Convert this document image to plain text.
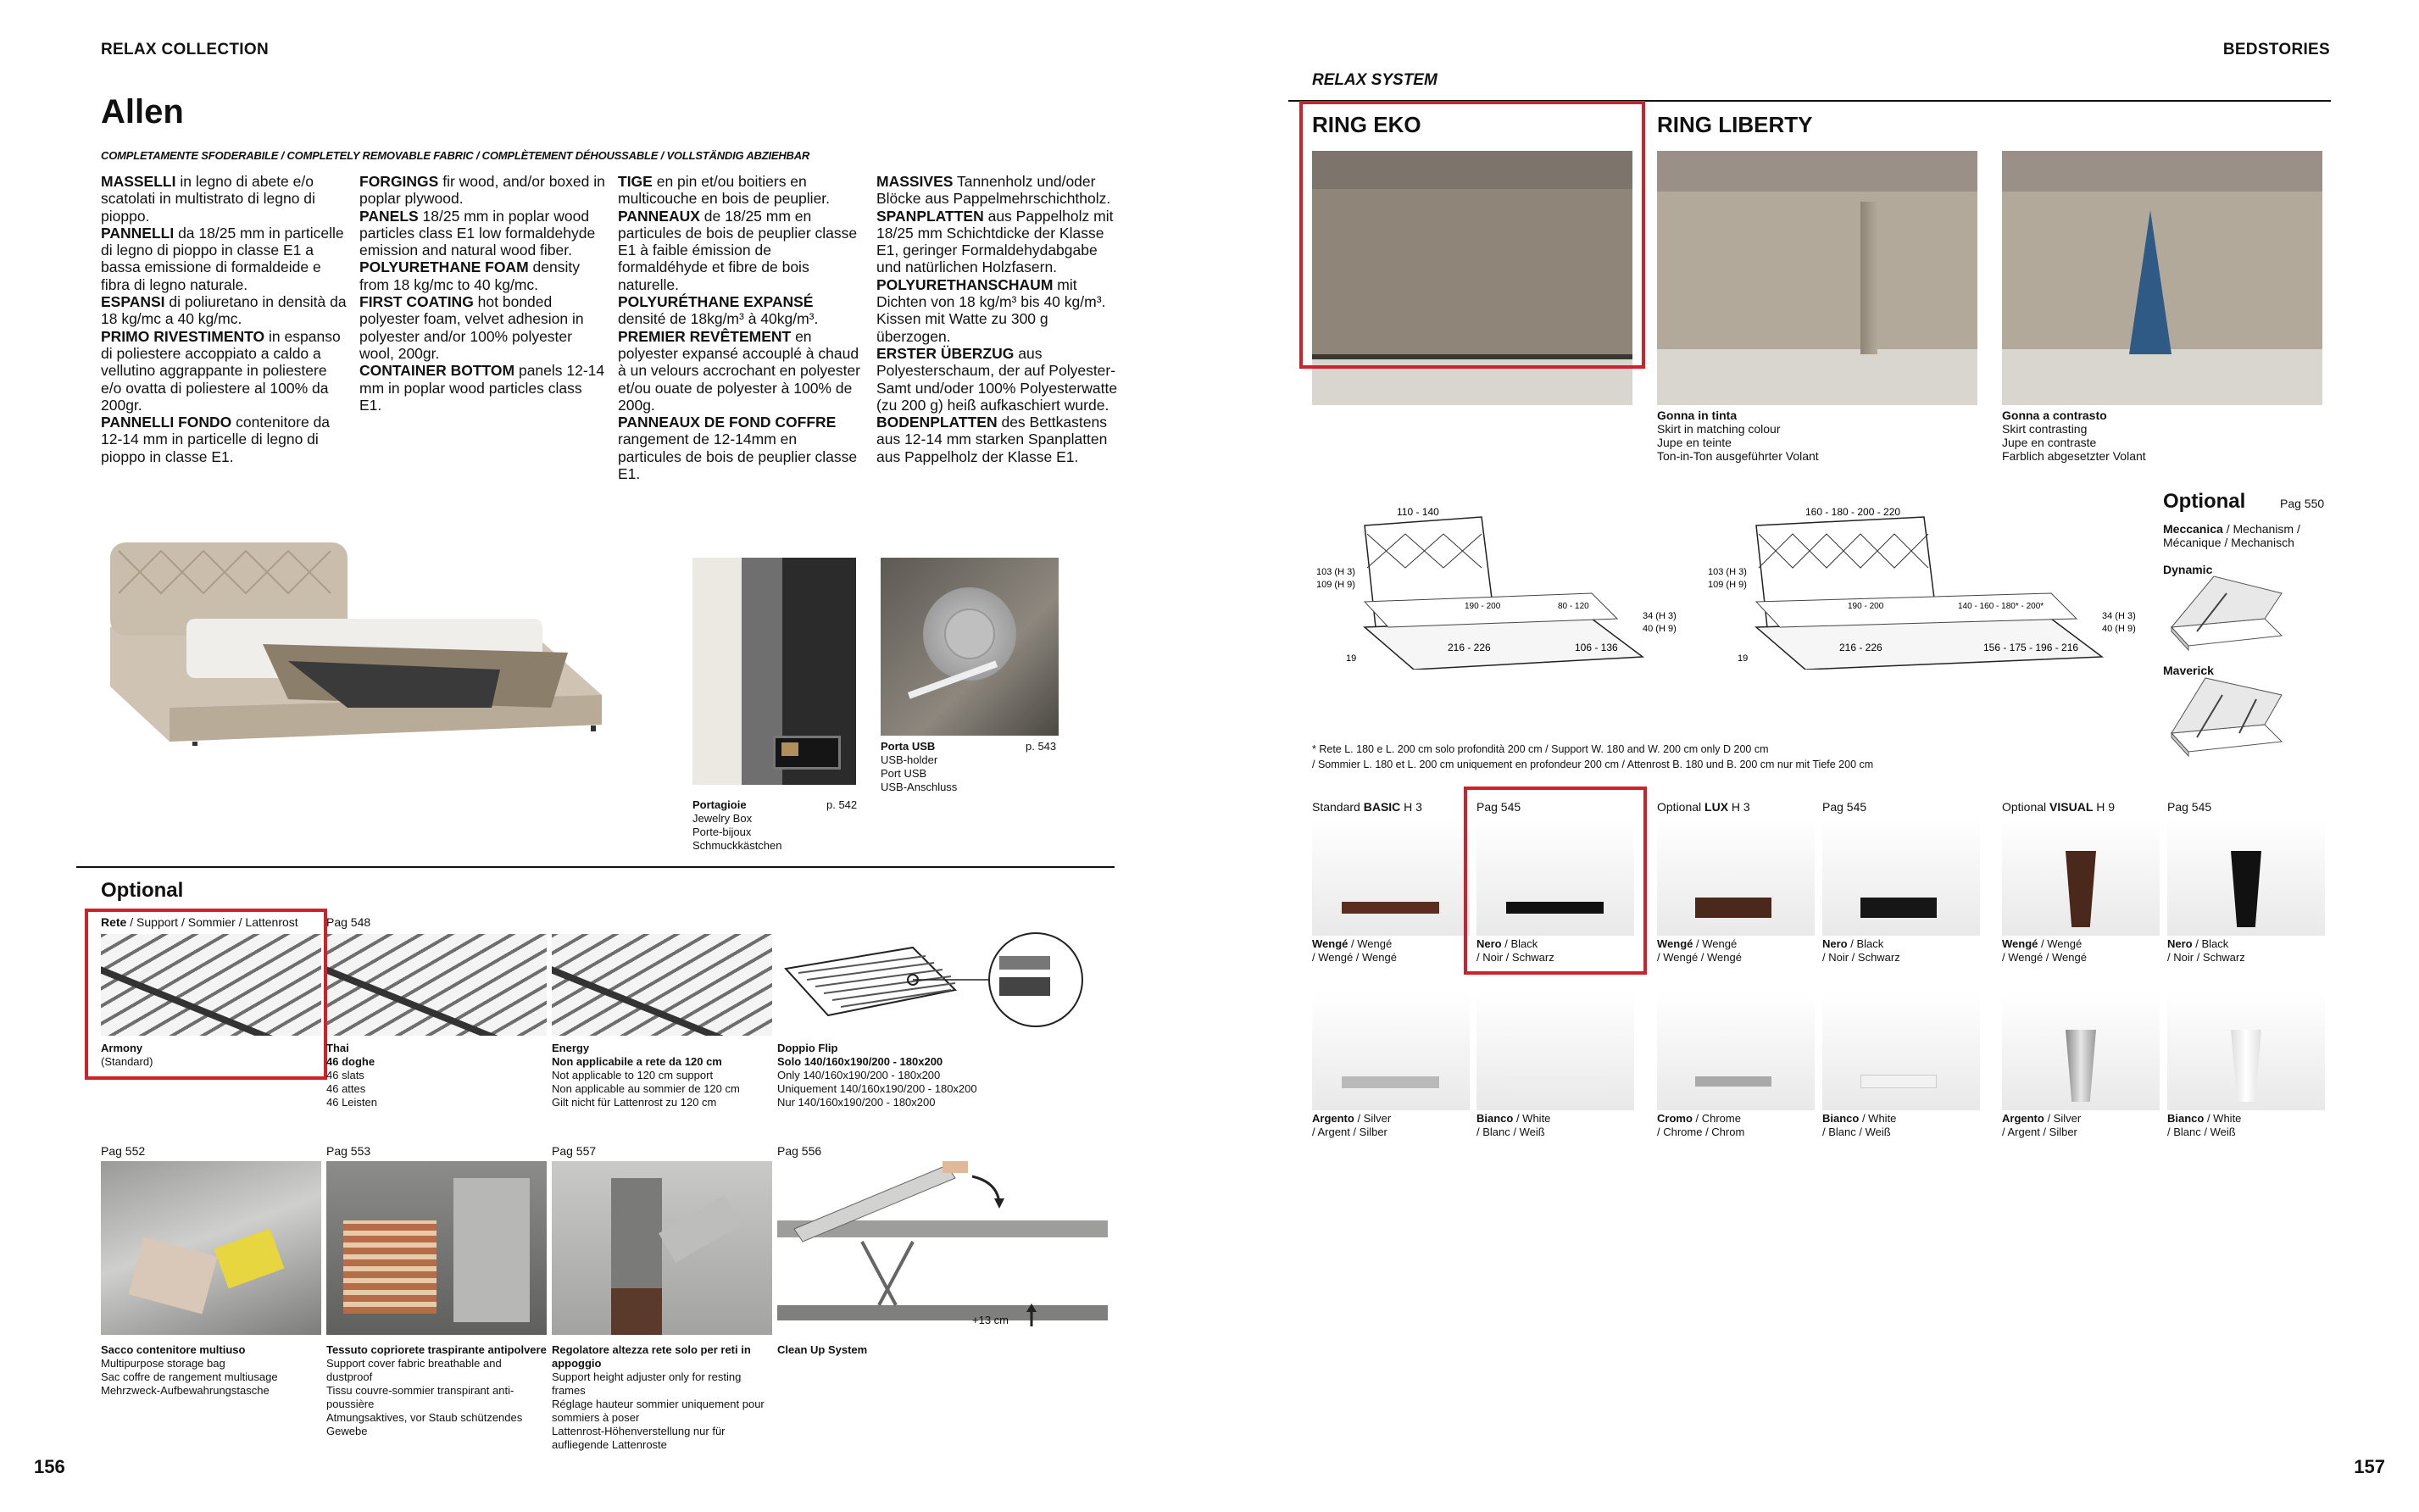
RELAX COLLECTION
Allen
COMPLETAMENTE SFODERABILE / COMPLETELY REMOVABLE FABRIC / COMPLÈTEMENT DÉHOUSSABLE / VOLLSTÄNDIG ABZIEHBAR
MASSELLI in legno di abete e/o scatolati in multistrato di legno di pioppo.
PANNELLI da 18/25 mm in particelle di legno di pioppo in classe E1 a bassa emissione di formaldeide e fibra di legno naturale.
ESPANSI di poliuretano in densità da 18 kg/mc a 40 kg/mc.
PRIMO RIVESTIMENTO in espanso di poliestere accoppiato a caldo a vellutino aggrappante in poliestere e/o ovatta di poliestere al 100% da 200gr.
PANNELLI FONDO contenitore da 12-14 mm in particelle di legno di pioppo in classe E1.
FORGINGS fir wood, and/or boxed in poplar plywood.
PANELS 18/25 mm in poplar wood particles class E1 low formaldehyde emission and natural wood fiber.
POLYURETHANE FOAM density from 18 kg/mc to 40 kg/mc.
FIRST COATING hot bonded polyester foam, velvet adhesion in polyester and/or 100% polyester wool, 200gr.
CONTAINER BOTTOM panels 12-14 mm in poplar wood particles class E1.
TIGE en pin et/ou boitiers en multicouche en bois de peuplier.
PANNEAUX de 18/25 mm en particules de bois de peuplier classe E1 à faible émission de formaldéhyde et fibre de bois naturelle.
POLYURÉTHANE EXPANSÉ densité de 18kg/m³ à 40kg/m³.
PREMIER REVÊTEMENT en polyester expansé accouplé à chaud à un velours accrochant en polyester et/ou ouate de polyester à 100% de 200g.
PANNEAUX DE FOND COFFRE rangement de 12-14mm en particules de bois de peuplier classe E1.
MASSIVES Tannenholz und/oder Blöcke aus Pappelmehrschichtholz.
SPANPLATTEN aus Pappelholz mit 18/25 mm Schichtdicke der Klasse E1, geringer Formaldehydabgabe und natürlichen Holzfasern.
POLYURETHANSCHAUM mit Dichten von 18 kg/m³ bis 40 kg/m³. Kissen mit Watte zu 300 g überzogen.
ERSTER ÜBERZUG aus Polyesterschaum, der auf Polyester-Samt und/oder 100% Polyesterwatte (zu 200 g) heiß aufkaschiert wurde.
BODENPLATTEN des Bettkastens aus 12-14 mm starken Spanplatten aus Pappelholz der Klasse E1.
Portagioie
Jewelry Box
Porte-bijoux
Schmuckkästchen
p. 542
Porta USB
USB-holder
Port USB
USB-Anschluss
p. 543
Optional
Rete / Support / Sommier / Lattenrost Pag 548
Armony
(Standard)
Thai
46 doghe
46 slats
46 attes
46 Leisten
Energy
Non applicabile a rete da 120 cm
Not applicable to 120 cm support
Non applicable au sommier de 120 cm
Gilt nicht für Lattenrost zu 120 cm
Doppio Flip
Solo 140/160x190/200 - 180x200
Only 140/160x190/200 - 180x200
Uniquement 140/160x190/200 - 180x200
Nur 140/160x190/200 - 180x200
Pag 552	Pag 553	Pag 557	Pag 556
+13 cm
Sacco contenitore multiuso
Multipurpose storage bag
Sac coffre de rangement multiusage
Mehrzweck-Aufbewahrungstasche
Tessuto copriorete traspirante antipolvere
Support cover fabric breathable and dustproof
Tissu couvre-sommier transpirant anti-
poussière
Atmungsaktives, vor Staub schützendes
Gewebe
Regolatore altezza rete solo per reti in appoggio
Support height adjuster only for resting frames
Réglage hauteur sommier uniquement pour
sommiers à poser
Lattenrost-Höhenverstellung nur für
aufliegende Lattenroste
Clean Up System
156
BEDSTORIES
RELAX SYSTEM
RING EKO	RING LIBERTY
Gonna in tinta
Skirt in matching colour
Jupe en teinte
Ton-in-Ton ausgeführter Volant
Gonna a contrasto
Skirt contrasting
Jupe en contraste
Farblich abgesetzter Volant
110 - 140
103 (H 3)
109 (H 9)
190 - 200	80 - 120
216 - 226	106 - 136
34 (H 3)
40 (H 9)
19
160 - 180 - 200 - 220
103 (H 3)
109 (H 9)
190 - 200	140 - 160 - 180* - 200*
216 - 226	156 - 175 - 196 - 216
34 (H 3)
40 (H 9)
19
Optional	Pag 550
Meccanica / Mechanism / Mécanique / Mechanisch
Dynamic
Maverick
* Rete L. 180 e L. 200 cm solo profondità 200 cm / Support W. 180 and W. 200 cm only D 200 cm
/ Sommier L. 180 et L. 200 cm uniquement en profondeur 200 cm / Attenrost B. 180 und B. 200 cm nur mit Tiefe 200 cm
Standard BASIC H 3	Pag 545	Optional LUX H 3	Pag 545	Optional VISUAL H 9	Pag 545
Wengé / Wengé
/ Wengé / Wengé
Nero / Black
/ Noir / Schwarz
Wengé / Wengé
/ Wengé / Wengé
Nero / Black
/ Noir / Schwarz
Wengé / Wengé
/ Wengé / Wengé
Nero / Black
/ Noir / Schwarz
Argento / Silver
/ Argent / Silber
Bianco / White
/ Blanc / Weiß
Cromo / Chrome
/ Chrome / Chrom
Bianco / White
/ Blanc / Weiß
Argento / Silver
/ Argent / Silber
Bianco / White
/ Blanc / Weiß
157
